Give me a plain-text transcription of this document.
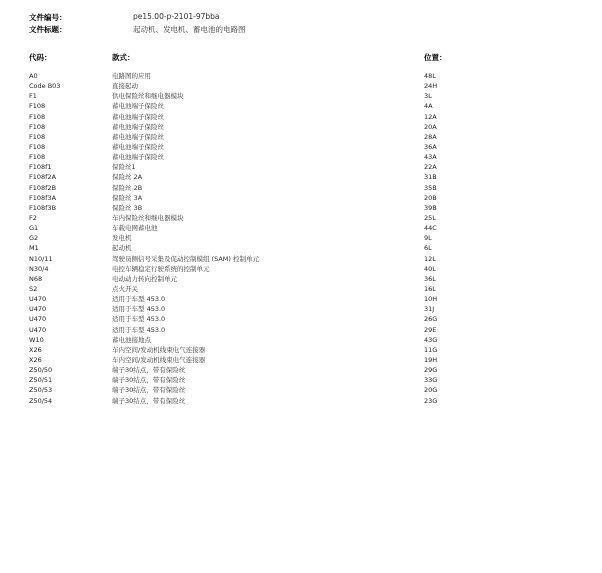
文件编号：	pe15.00-p-2101-97bba
文件标题：	起动机、发电机、蓄电池的电路图
代码：	款式：	位置：
A0	电路图的应用	48L
Code B03	直接起动	24H
F1	供电保险丝和继电器模块	3L
F108	蓄电池端子保险丝	4A
F108	蓄电池端子保险丝	12A
F108	蓄电池端子保险丝	20A
F108	蓄电池端子保险丝	28A
F108	蓄电池端子保险丝	36A
F108	蓄电池端子保险丝	43A
F108f1	保险丝1	22A
F108f2A	保险丝 2A	31B
F108f2B	保险丝 2B	35B
F108f3A	保险丝 3A	20B
F108f3B	保险丝 3B	39B
F2	车内保险丝和继电器模块	25L
G1	车载电网蓄电池	44C
G2	发电机	9L
M1	起动机	6L
N10/11	驾驶员侧信号采集及促动控制模组 (SAM) 控制单元	12L
N30/4	电控车辆稳定行驶系统的控制单元	40L
N68	电动动力转向控制单元	36L
S2	点火开关	16L
U470	适用于车型 453.0	10H
U470	适用于车型 453.0	31J
U470	适用于车型 453.0	26G
U470	适用于车型 453.0	29E
W10	蓄电池接地点	43G
X26	车内空间/发动机线束电气连接器	11G
X26	车内空间/发动机线束电气连接器	19H
Z50/50	端子30结点，带有保险丝	29G
Z50/51	端子30结点，带有保险丝	33G
Z50/53	端子30结点，带有保险丝	20G
Z50/54	端子30结点，带有保险丝	23G
